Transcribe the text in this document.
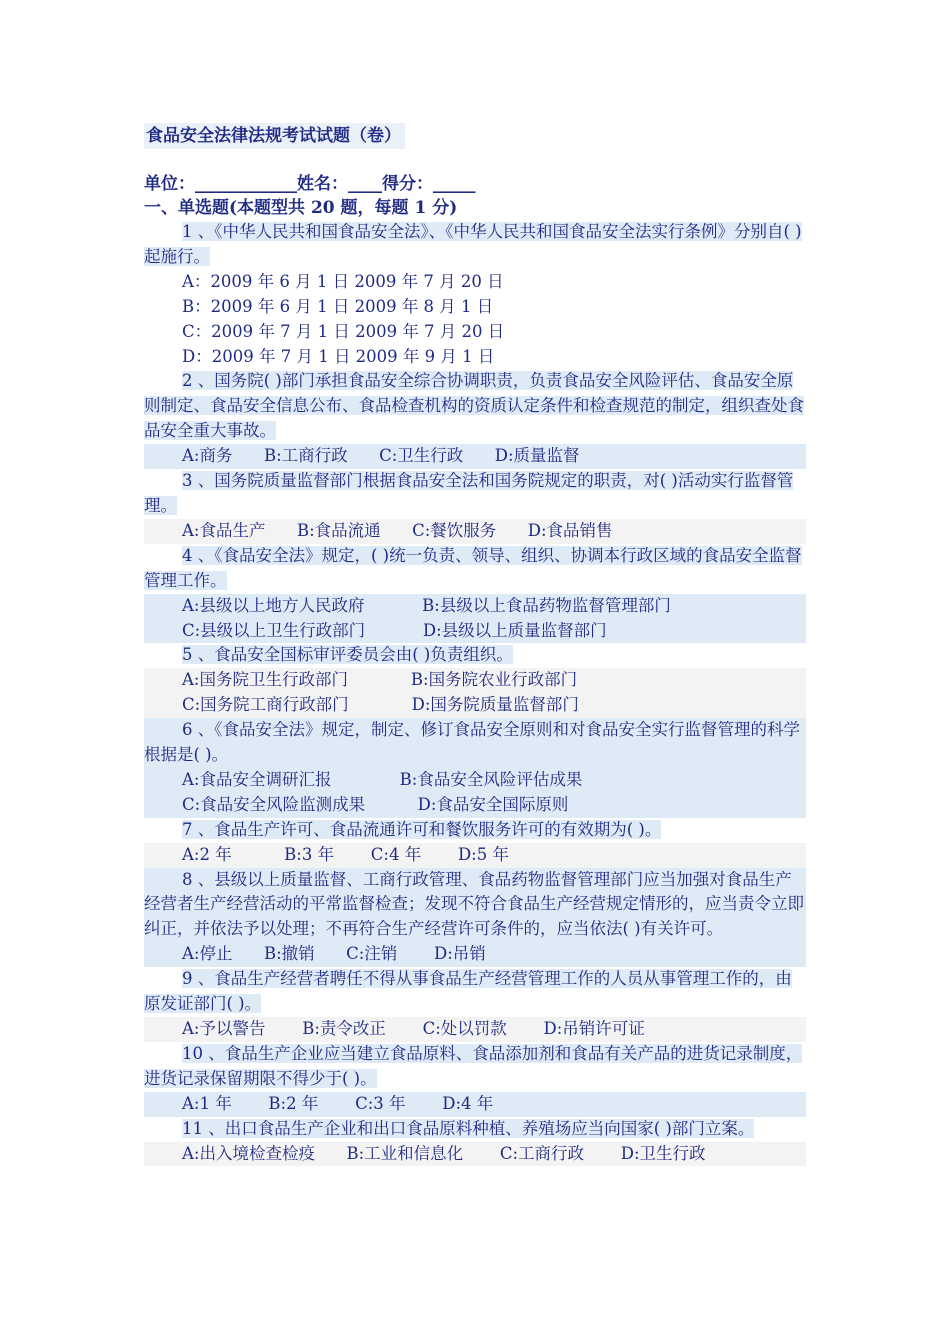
食品安全法律法规考试试题（卷）
单位：____________姓名：____得分：_____
一、单选题(本题型共 20 题，每题 1 分)
1 、《中华人民共和国食品安全法》、《中华人民共和国食品安全法实行条例》分别自( )起施行。
A：2009 年 6 月 1 日 2009 年 7 月 20 日
B：2009 年 6 月 1 日 2009 年 8 月 1 日
C：2009 年 7 月 1 日 2009 年 7 月 20 日
D：2009 年 7 月 1 日 2009 年 9 月 1 日
2 、国务院( )部门承担食品安全综合协调职责，负责食品安全风险评估、食品安全原则制定、食品安全信息公布、食品检查机构的资质认定条件和检查规范的制定，组织查处食品安全重大事故。
A:商务      B:工商行政      C:卫生行政      D:质量监督
3 、国务院质量监督部门根据食品安全法和国务院规定的职责，对( )活动实行监督管理。
A:食品生产      B:食品流通      C:餐饮服务      D:食品销售
4 、《食品安全法》规定，( )统一负责、领导、组织、协调本行政区域的食品安全监督管理工作。
A:县级以上地方人民政府           B:县级以上食品药物监督管理部门
C:县级以上卫生行政部门           D:县级以上质量监督部门
5 、食品安全国标审评委员会由( )负责组织。
A:国务院卫生行政部门            B:国务院农业行政部门
C:国务院工商行政部门            D:国务院质量监督部门
6 、《食品安全法》规定，制定、修订食品安全原则和对食品安全实行监督管理的科学根据是( )。
A:食品安全调研汇报             B:食品安全风险评估成果
C:食品安全风险监测成果          D:食品安全国际原则
7 、食品生产许可、食品流通许可和餐饮服务许可的有效期为( )。
A:2 年          B:3 年       C:4 年       D:5 年
8 、县级以上质量监督、工商行政管理、食品药物监督管理部门应当加强对食品生产经营者生产经营活动的平常监督检查；发现不符合食品生产经营规定情形的，应当责令立即纠正，并依法予以处理；不再符合生产经营许可条件的，应当依法( )有关许可。
A:停止      B:撤销      C:注销       D:吊销
9 、食品生产经营者聘任不得从事食品生产经营管理工作的人员从事管理工作的，由原发证部门( )。
A:予以警告       B:责令改正       C:处以罚款       D:吊销许可证
10 、食品生产企业应当建立食品原料、食品添加剂和食品有关产品的进货记录制度，进货记录保留期限不得少于( )。
A:1 年       B:2 年       C:3 年       D:4 年
11 、出口食品生产企业和出口食品原料种植、养殖场应当向国家( )部门立案。
A:出入境检查检疫      B:工业和信息化       C:工商行政       D:卫生行政
